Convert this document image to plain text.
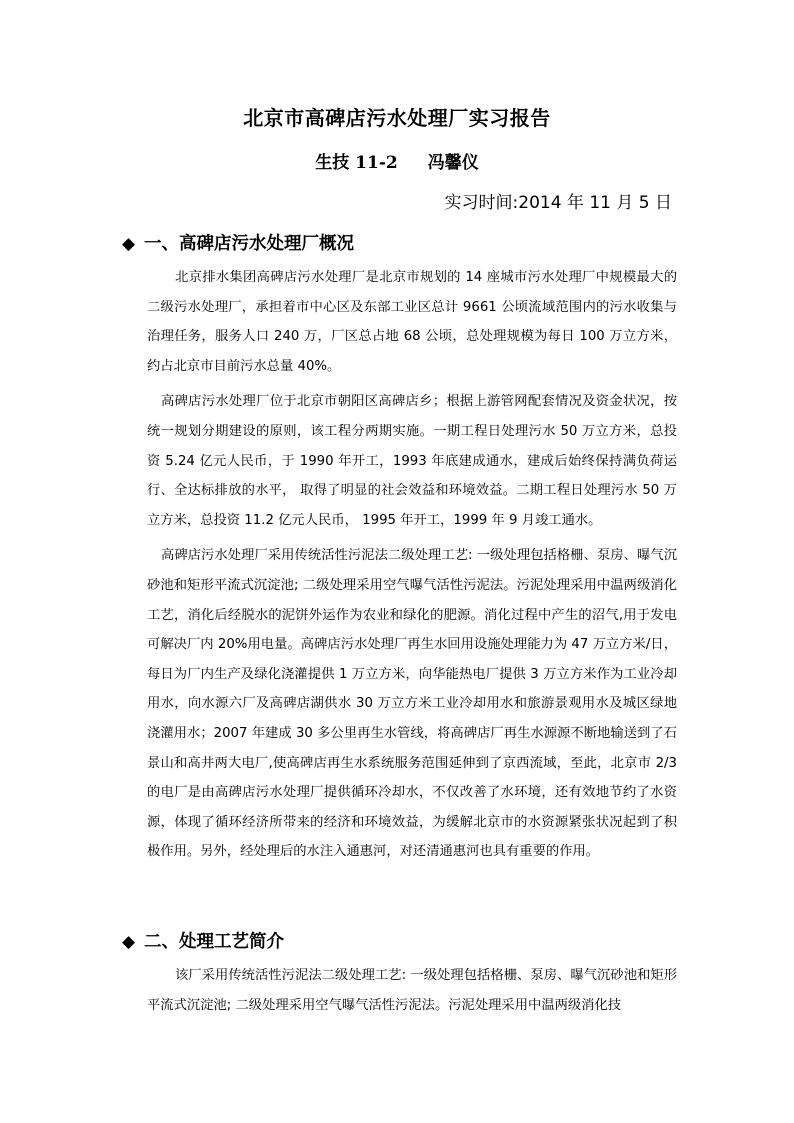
北京市高碑店污水处理厂实习报告
生技 11-2 冯馨仪
实习时间:2014 年 11 月 5 日
◆ 一、高碑店污水处理厂概况

北京排水集团高碑店污水处理厂是北京市规划的 14 座城市污水处理厂中规模最大的二级污水处理厂，承担着市中心区及东部工业区总计 9661 公顷流域范围内的污水收集与治理任务，服务人口 240 万，厂区总占地 68 公顷，总处理规模为每日 100 万立方米，约占北京市目前污水总量 40%。

高碑店污水处理厂位于北京市朝阳区高碑店乡；根据上游管网配套情况及资金状况，按统一规划分期建设的原则，该工程分两期实施。一期工程日处理污水 50 万立方米，总投资 5.24 亿元人民币，于 1990 年开工，1993 年底建成通水，建成后始终保持满负荷运行、全达标排放的水平， 取得了明显的社会效益和环境效益。二期工程日处理污水 50 万立方米，总投资 11.2 亿元人民币， 1995 年开工，1999 年 9 月竣工通水。

高碑店污水处理厂采用传统活性污泥法二级处理工艺: 一级处理包括格栅、泵房、曝气沉砂池和矩形平流式沉淀池; 二级处理采用空气曝气活性污泥法。污泥处理采用中温两级消化工艺，消化后经脱水的泥饼外运作为农业和绿化的肥源。消化过程中产生的沼气,用于发电可解决厂内 20%用电量。高碑店污水处理厂再生水回用设施处理能力为 47 万立方米/日，每日为厂内生产及绿化浇灌提供 1 万立方米，向华能热电厂提供 3 万立方米作为工业冷却用水，向水源六厂及高碑店湖供水 30 万立方米工业冷却用水和旅游景观用水及城区绿地浇灌用水；2007 年建成 30 多公里再生水管线，将高碑店厂再生水源源不断地输送到了石景山和高井两大电厂,使高碑店再生水系统服务范围延伸到了京西流域，至此，北京市 2/3 的电厂是由高碑店污水处理厂提供循环冷却水，不仅改善了水环境，还有效地节约了水资源，体现了循环经济所带来的经济和环境效益，为缓解北京市的水资源紧张状况起到了积极作用。另外，经处理后的水注入通惠河，对还清通惠河也具有重要的作用。

◆ 二、处理工艺简介

该厂采用传统活性污泥法二级处理工艺: 一级处理包括格栅、泵房、曝气沉砂池和矩形平流式沉淀池; 二级处理采用空气曝气活性污泥法。污泥处理采用中温两级消化技
